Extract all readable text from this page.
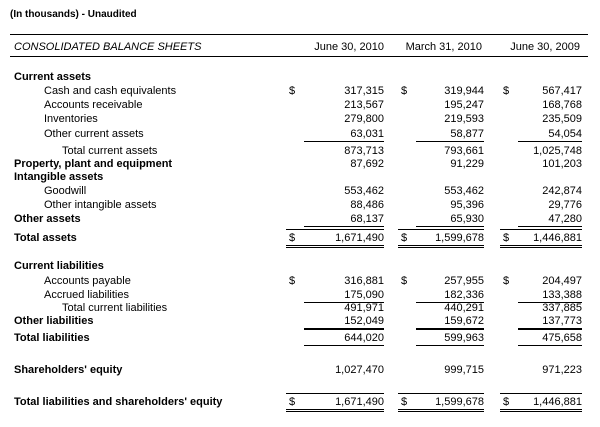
(In thousands) - Unaudited
CONSOLIDATED BALANCE SHEETS	June 30, 2010	March 31, 2010	June 30, 2009
Current assets
Cash and cash equivalents	$	317,315 $	319,944 $	567,417
Accounts receivable	213,567	195,247	168,768
Inventories	279,800	219,593	235,509
Other current assets	63,031	58,877	54,054
Total current assets	873,713	793,661	1,025,748
Property, plant and equipment	87,692	91,229	101,203
Intangible assets
Goodwill	553,462	553,462	242,874
Other intangible assets	88,486	95,396	29,776
Other assets	68,137	65,930	47,280
Total assets	$	1,671,490 $	1,599,678 $	1,446,881
Current liabilities
Accounts payable	$	316,881 $	257,955 $	204,497
Accrued liabilities	175,090	182,336	133,388
Total current liabilities	491,971	440,291	337,885
Other liabilities	152,049	159,672	137,773
Total liabilities	644,020	599,963	475,658
Shareholders' equity	1,027,470	999,715	971,223
Total liabilities and shareholders' equity	$	1,671,490 $	1,599,678 $	1,446,881
